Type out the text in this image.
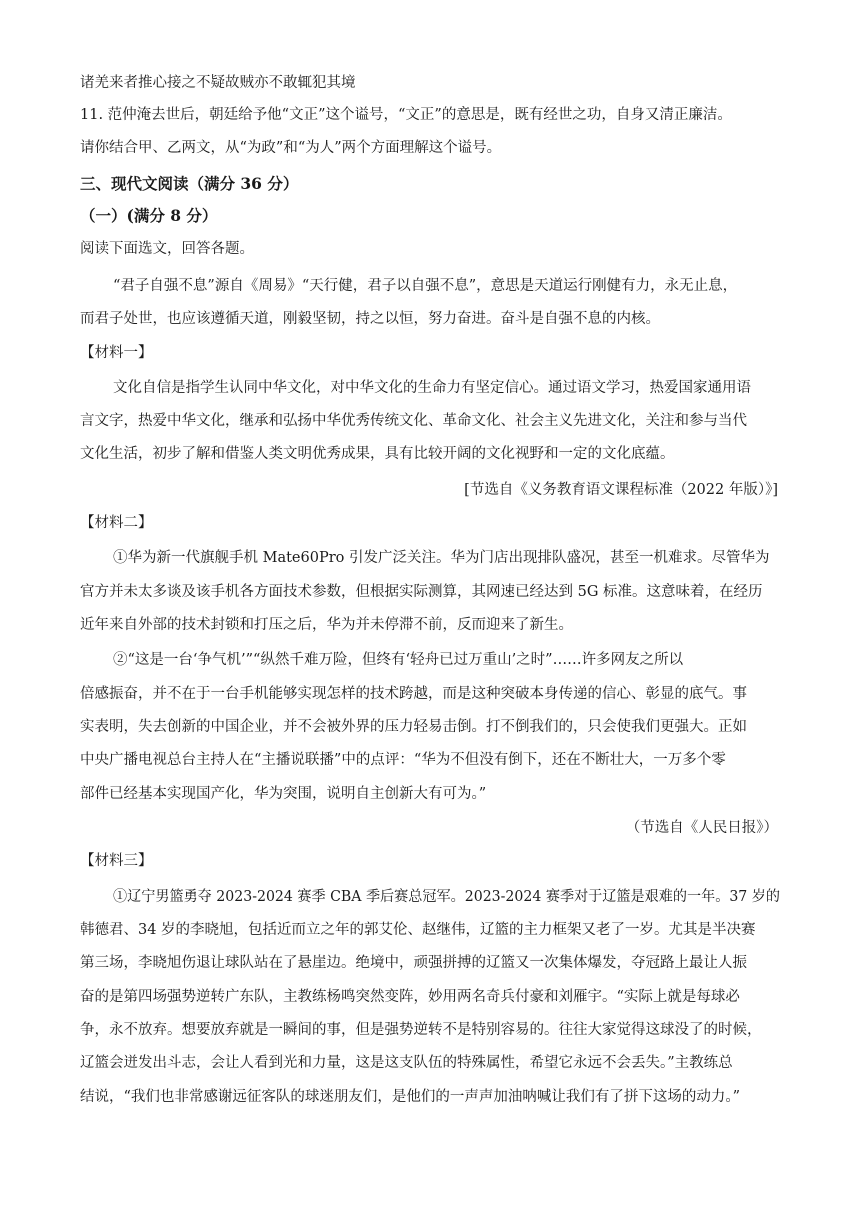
诸羌来者推心接之不疑故贼亦不敢辄犯其境
11. 范仲淹去世后，朝廷给予他“文正”这个谥号，“文正”的意思是，既有经世之功，自身又清正廉洁。
请你结合甲、乙两文，从“为政”和“为人”两个方面理解这个谥号。
三、现代文阅读（满分 36 分）
（一）(满分 8 分）
阅读下面选文，回答各题。
“君子自强不息”源自《周易》“天行健，君子以自强不息”，意思是天道运行刚健有力，永无止息，
而君子处世，也应该遵循天道，刚毅坚韧，持之以恒，努力奋进。奋斗是自强不息的内核。
【材料一】
文化自信是指学生认同中华文化，对中华文化的生命力有坚定信心。通过语文学习，热爱国家通用语
言文字，热爱中华文化，继承和弘扬中华优秀传统文化、革命文化、社会主义先进文化，关注和参与当代
文化生活，初步了解和借鉴人类文明优秀成果，具有比较开阔的文化视野和一定的文化底蕴。
[节选自《义务教育语文课程标准（2022 年版）》]
【材料二】
①华为新一代旗舰手机 Mate60Pro 引发广泛关注。华为门店出现排队盛况，甚至一机难求。尽管华为
官方并未太多谈及该手机各方面技术参数，但根据实际测算，其网速已经达到 5G 标准。这意味着，在经历
近年来自外部的技术封锁和打压之后，华为并未停滞不前，反而迎来了新生。
②“这是一台‘争气机’”“纵然千难万险，但终有‘轻舟已过万重山’之时”……许多网友之所以
倍感振奋，并不在于一台手机能够实现怎样的技术跨越，而是这种突破本身传递的信心、彰显的底气。事
实表明，失去创新的中国企业，并不会被外界的压力轻易击倒。打不倒我们的，只会使我们更强大。正如
中央广播电视总台主持人在“主播说联播”中的点评：“华为不但没有倒下，还在不断壮大，一万多个零
部件已经基本实现国产化，华为突围，说明自主创新大有可为。”
（节选自《人民日报》）
【材料三】
①辽宁男篮勇夺 2023-2024 赛季 CBA 季后赛总冠军。2023-2024 赛季对于辽篮是艰难的一年。37 岁的
韩德君、34 岁的李晓旭，包括近而立之年的郭艾伦、赵继伟，辽篮的主力框架又老了一岁。尤其是半决赛
第三场，李晓旭伤退让球队站在了悬崖边。绝境中，顽强拼搏的辽篮又一次集体爆发，夺冠路上最让人振
奋的是第四场强势逆转广东队，主教练杨鸣突然变阵，妙用两名奇兵付豪和刘雁宇。“实际上就是每球必
争，永不放弃。想要放弃就是一瞬间的事，但是强势逆转不是特别容易的。往往大家觉得这球没了的时候，
辽篮会迸发出斗志，会让人看到光和力量，这是这支队伍的特殊属性，希望它永远不会丢失。”主教练总
结说，“我们也非常感谢远征客队的球迷朋友们，是他们的一声声加油呐喊让我们有了拼下这场的动力。”
